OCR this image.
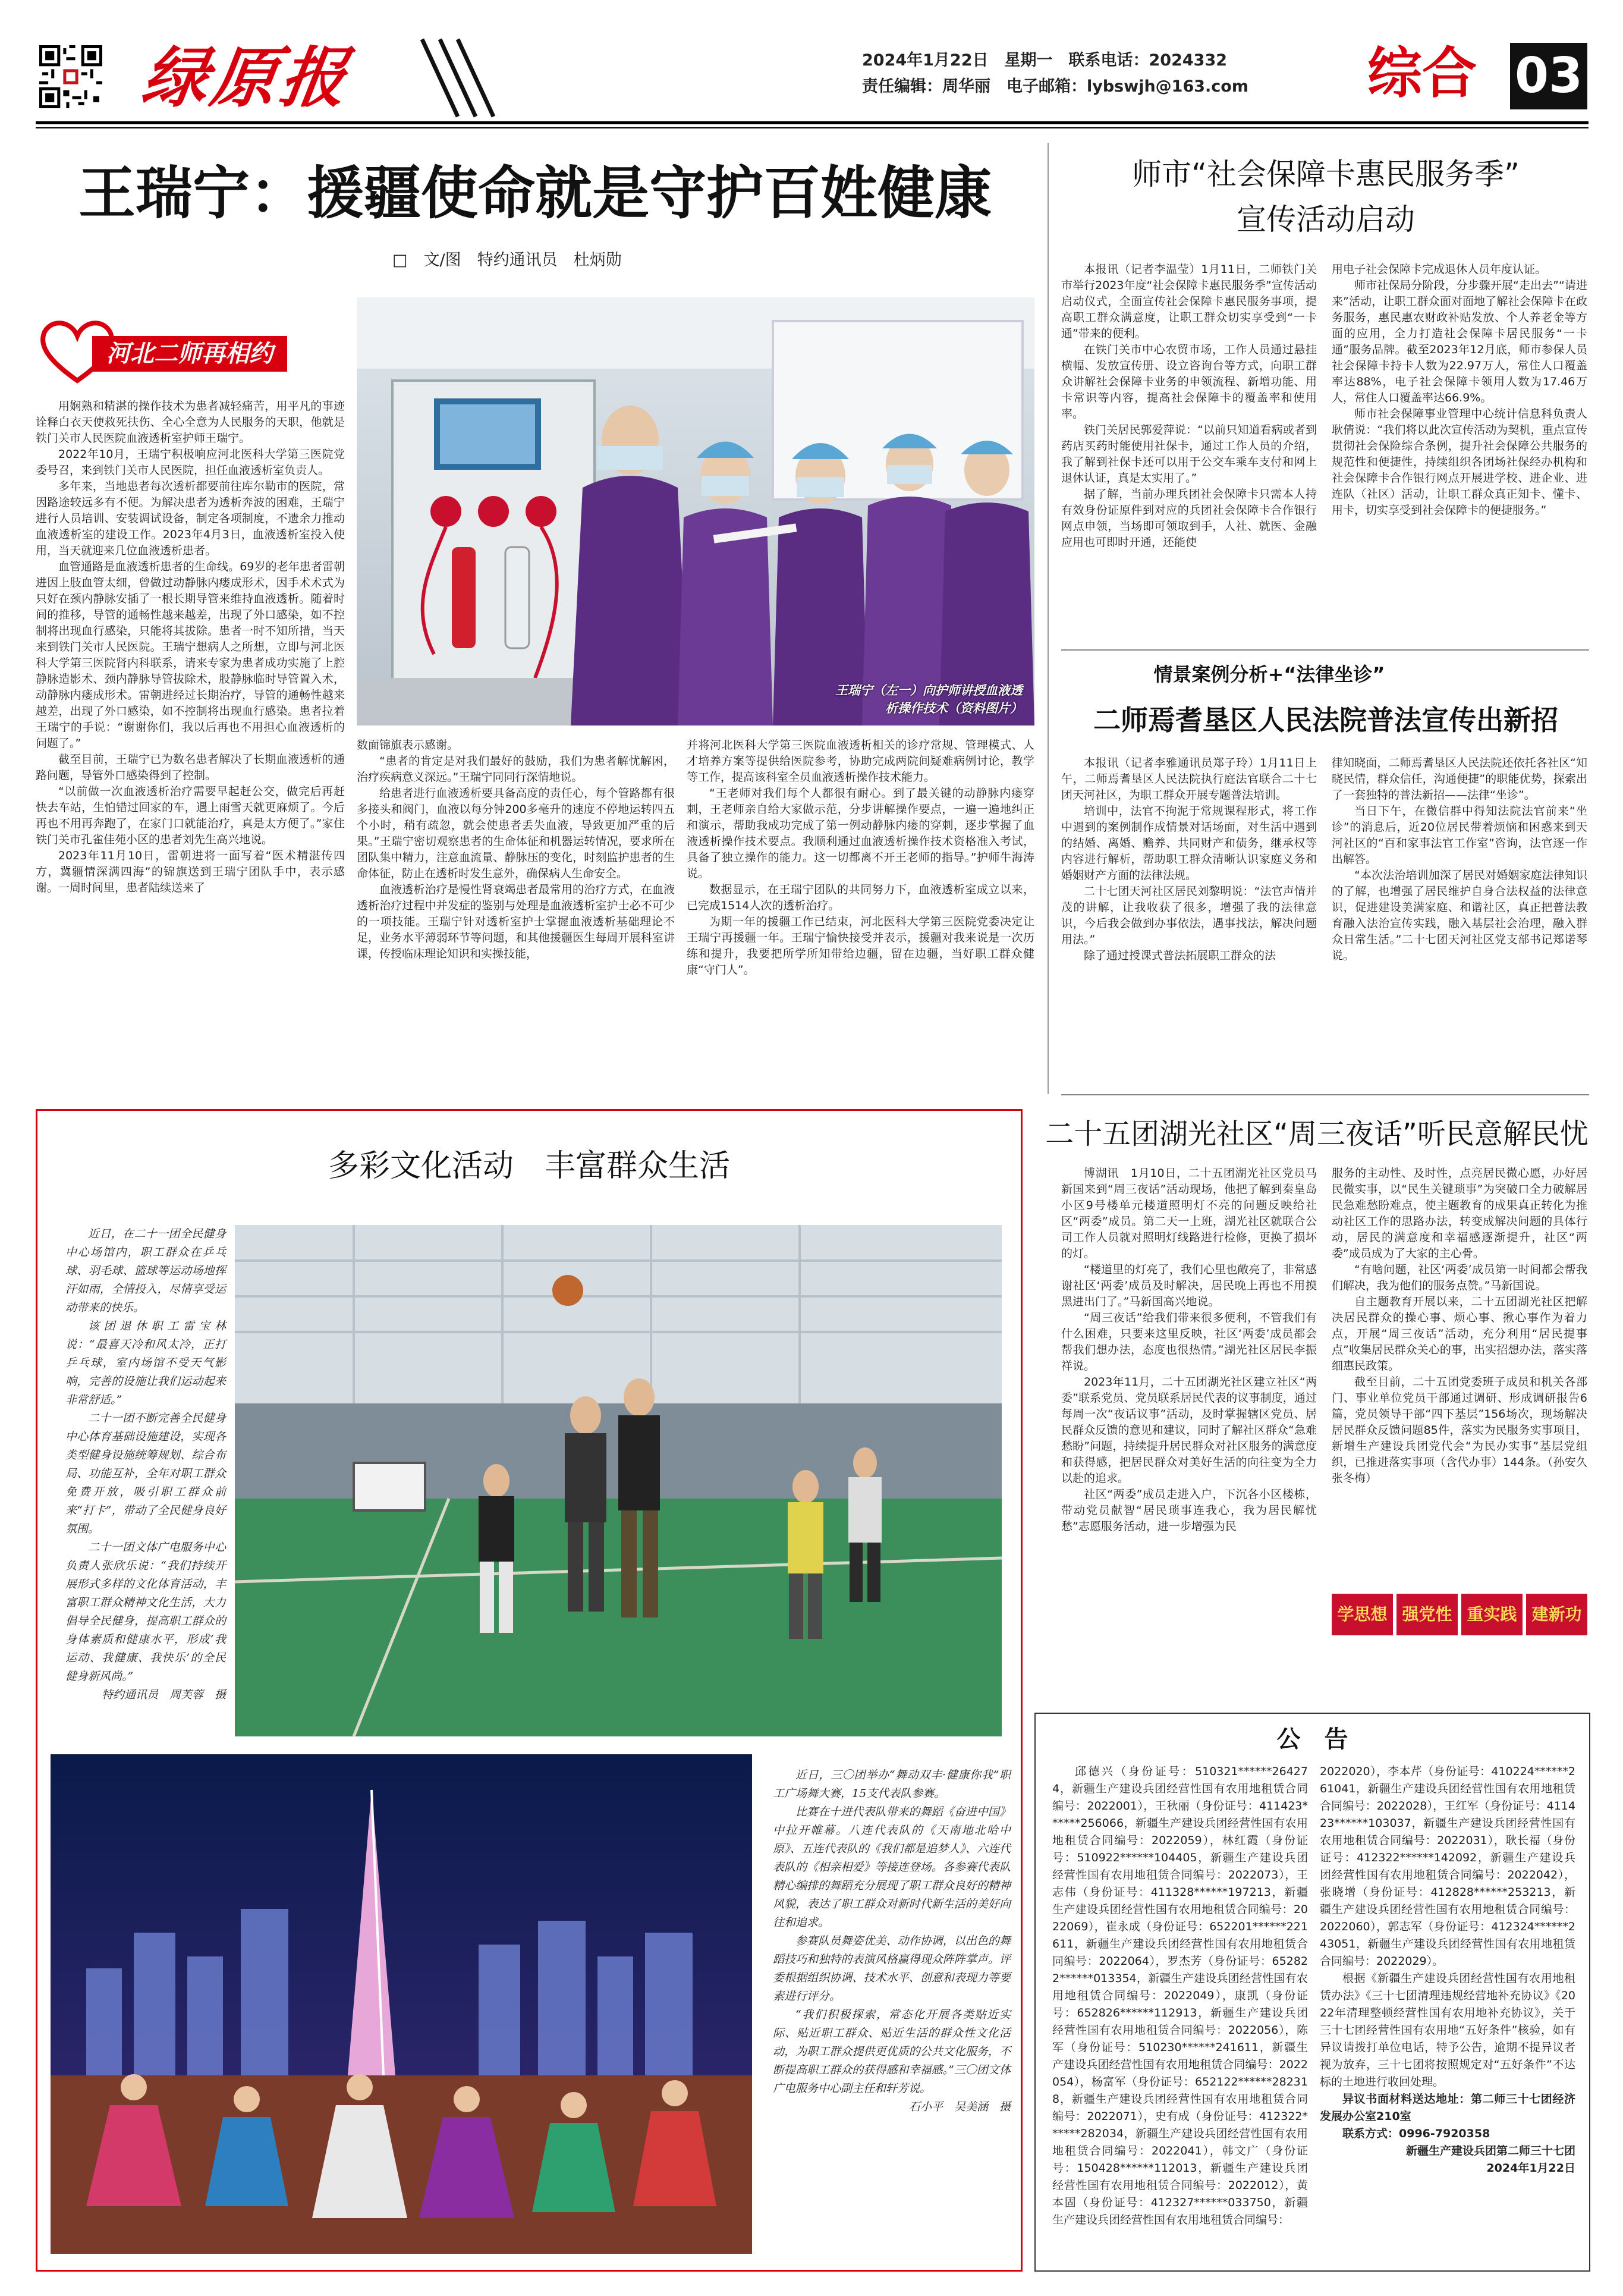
绿原报	2024年1月22日　星期一　联系电话：2024332
责任编辑：周华丽　电子邮箱：lybswjh@163.com	综合 03
王瑞宁：援疆使命就是守护百姓健康
□　文/图　特约通讯员　杜炳勋
河北二师再相约
王瑞宁（左一）向护师讲授血液透
析操作技术（资料图片）

用娴熟和精湛的操作技术为患者减轻痛苦，用平凡的事迹诠释白衣天使救死扶伤、全心全意为人民服务的天职，他就是铁门关市人民医院血液透析室护师王瑞宁。

2022年10月，王瑞宁积极响应河北医科大学第三医院党委号召，来到铁门关市人民医院，担任血液透析室负责人。

多年来，当地患者每次透析都要前往库尔勒市的医院，常因路途较远多有不便。为解决患者为透析奔波的困难，王瑞宁进行人员培训、安装调试设备，制定各项制度，不遗余力推动血液透析室的建设工作。2023年4月3日，血液透析室投入使用，当天就迎来几位血液透析患者。

血管通路是血液透析患者的生命线。69岁的老年患者雷朝进因上肢血管太细，曾做过动静脉内瘘成形术，因手术术式为只好在颈内静脉安插了一根长期导管来维持血液透析。随着时间的推移，导管的通畅性越来越差，出现了外口感染，如不控制将出现血行感染，只能将其拔除。患者一时不知所措，当天来到铁门关市人民医院。王瑞宁想病人之所想，立即与河北医科大学第三医院肾内科联系，请来专家为患者成功实施了上腔静脉造影术、颈内静脉导管拔除术，股静脉临时导管置入术，动静脉内瘘成形术。雷朝进经过长期治疗，导管的通畅性越来越差，出现了外口感染，如不控制将出现血行感染。患者拉着王瑞宁的手说：“谢谢你们，我以后再也不用担心血液透析的问题了。”

截至目前，王瑞宁已为数名患者解决了长期血液透析的通路问题，导管外口感染得到了控制。

“以前做一次血液透析治疗需要早起赶公交，做完后再赶快去车站，生怕错过回家的车，遇上雨雪天就更麻烦了。今后再也不用再奔跑了，在家门口就能治疗，真是太方便了。”家住铁门关市孔雀佳苑小区的患者刘先生高兴地说。

2023年11月10日，雷朝进将一面写着“医术精湛传四方，冀疆情深满四海”的锦旗送到王瑞宁团队手中，表示感谢。一周时间里，患者陆续送来了

数面锦旗表示感谢。

“患者的肯定是对我们最好的鼓励，我们为患者解忧解困，治疗疾病意义深远。”王瑞宁同同行深情地说。

给患者进行血液透析要具备高度的责任心，每个管路都有很多接头和阀门，血液以每分钟200多毫升的速度不停地运转四五个小时，稍有疏忽，就会使患者丢失血液，导致更加严重的后果。”王瑞宁密切观察患者的生命体征和机器运转情况，要求所在团队集中精力，注意血流量、静脉压的变化，时刻监护患者的生命体征，防止在透析时发生意外，确保病人生命安全。

血液透析治疗是慢性肾衰竭患者最常用的治疗方式，在血液透析治疗过程中并发症的鉴别与处理是血液透析室护士必不可少的一项技能。王瑞宁针对透析室护士掌握血液透析基础理论不足，业务水平薄弱环节等问题，和其他援疆医生每周开展科室讲课，传授临床理论知识和实操技能，

并将河北医科大学第三医院血液透析相关的诊疗常规、管理模式、人才培养方案等提供给医院参考，协助完成两院间疑难病例讨论，教学等工作，提高该科室全员血液透析操作技术能力。

“王老师对我们每个人都很有耐心。到了最关键的动静脉内瘘穿刺，王老师亲自给大家做示范，分步讲解操作要点，一遍一遍地纠正和演示，帮助我成功完成了第一例动静脉内瘘的穿刺，逐步掌握了血液透析操作技术要点。我顺利通过血液透析操作技术资格准入考试，具备了独立操作的能力。这一切都离不开王老师的指导。”护师牛海涛说。

数据显示，在王瑞宁团队的共同努力下，血液透析室成立以来，已完成1514人次的透析治疗。

为期一年的援疆工作已结束，河北医科大学第三医院党委决定让王瑞宁再援疆一年。王瑞宁愉快接受并表示，援疆对我来说是一次历练和提升，我要把所学所知带给边疆，留在边疆，当好职工群众健康“守门人”。

师市“社会保障卡惠民服务季”
宣传活动启动

本报讯（记者李温莹）1月11日，二师铁门关市举行2023年度“社会保障卡惠民服务季”宣传活动启动仪式，全面宣传社会保障卡惠民服务事项，提高职工群众满意度，让职工群众切实享受到“一卡通”带来的便利。

在铁门关市中心农贸市场，工作人员通过悬挂横幅、发放宣传册、设立咨询台等方式，向职工群众讲解社会保障卡业务的申领流程、新增功能、用卡常识等内容，提高社会保障卡的覆盖率和使用率。

铁门关居民郭爱萍说：“以前只知道看病或者到药店买药时能使用社保卡，通过工作人员的介绍，我了解到社保卡还可以用于公交车乘车支付和网上退休认证，真是太实用了。”

据了解，当前办理兵团社会保障卡只需本人持有效身份证原件到对应的兵团社会保障卡合作银行网点申领，当场即可领取到手，人社、就医、金融应用也可即时开通，还能使

用电子社会保障卡完成退休人员年度认证。

师市社保局分阶段，分步骤开展“走出去”“请进来”活动，让职工群众面对面地了解社会保障卡在政务服务，惠民惠农财政补贴发放、个人养老金等方面的应用，全力打造社会保障卡居民服务“一卡通”服务品牌。截至2023年12月底，师市参保人员社会保障卡持卡人数为22.97万人，常住人口覆盖率达88%，电子社会保障卡领用人数为17.46万人，常住人口覆盖率达66.9%。

师市社会保障事业管理中心统计信息科负责人耿倩说：“我们将以此次宣传活动为契机，重点宣传贯彻社会保险综合条例，提升社会保障公共服务的规范性和便捷性，持续组织各团场社保经办机构和社会保障卡合作银行网点开展进学校、进企业、进连队（社区）活动，让职工群众真正知卡、懂卡、用卡，切实享受到社会保障卡的便捷服务。”

情景案例分析+“法律坐诊”
二师焉耆垦区人民法院普法宣传出新招

本报讯（记者李雅通讯员郑子玲）1月11日上午，二师焉耆垦区人民法院执行庭法官联合二十七团天河社区，为职工群众开展专题普法培训。

培训中，法官不拘泥于常规课程形式，将工作中遇到的案例制作成情景对话场面，对生活中遇到的结婚、离婚、赡养、共同财产和债务，继承权等内容进行解析，帮助职工群众清晰认识家庭义务和婚姻财产方面的法律法规。

二十七团天河社区居民刘黎明说：“法官声情并茂的讲解，让我收获了很多，增强了我的法律意识，今后我会做到办事依法，遇事找法，解决问题用法。”

除了通过授课式普法拓展职工群众的法

律知晓面，二师焉耆垦区人民法院还依托各社区“知晓民情，群众信任，沟通便捷”的职能优势，探索出了一套独特的普法新招——法律“坐诊”。

当日下午，在微信群中得知法院法官前来“坐诊”的消息后，近20位居民带着烦恼和困惑来到天河社区的“百和家事法官工作室”咨询，法官逐一作出解答。

“本次法治培训加深了居民对婚姻家庭法律知识的了解，也增强了居民维护自身合法权益的法律意识，促进建设美满家庭、和谐社区，真正把普法教育融入法治宣传实践，融入基层社会治理，融入群众日常生活。”二十七团天河社区党支部书记郑诺琴说。

多彩文化活动　丰富群众生活

近日，在二十一团全民健身中心场馆内，职工群众在乒乓球、羽毛球、篮球等运动场地挥汗如雨，全情投入，尽情享受运动带来的快乐。

该团退休职工雷宝林说：“最喜天冷和风太冷，正打乒乓球，室内场馆不受天气影响，完善的设施让我们运动起来非常舒适。”

二十一团不断完善全民健身中心体育基础设施建设，实现各类型健身设施统筹规划、综合布局、功能互补，全年对职工群众免费开放，吸引职工群众前来“打卡”，带动了全民健身良好氛围。

二十一团文体广电服务中心负责人张欣乐说：“我们持续开展形式多样的文化体育活动，丰富职工群众精神文化生活，大力倡导全民健身，提高职工群众的身体素质和健康水平，形成‘我运动、我健康、我快乐’的全民健身新风尚。”

特约通讯员　周芙蓉　摄

近日，三〇团举办“舞动双丰·健康你我”职工广场舞大赛，15支代表队参赛。

比赛在十进代表队带来的舞蹈《奋进中国》中拉开帷幕。八连代表队的《天南地北哈中原》、五连代表队的《我们都是追梦人》、六连代表队的《相亲相爱》等接连登场。各参赛代表队精心编排的舞蹈充分展现了职工群众良好的精神风貌，表达了职工群众对新时代新生活的美好向往和追求。

参赛队员舞姿优美、动作协调，以出色的舞蹈技巧和独特的表演风格赢得现众阵阵掌声。评委根据组织协调、技术水平、创意和表现力等要素进行评分。

“我们积极探索，常态化开展各类贴近实际、贴近职工群众、贴近生活的群众性文化活动，为职工群众提供更优质的公共文化服务，不断提高职工群众的获得感和幸福感。”三〇团文体广电服务中心副主任和轩芳说。

石小平　吴美涵　摄

二十五团湖光社区“周三夜话”听民意解民忧

博湖讯　1月10日，二十五团湖光社区党员马新国来到“周三夜话”活动现场，他把了解到秦皇岛小区9号楼单元楼道照明灯不亮的问题反映给社区“两委”成员。第二天一上班，湖光社区就联合公司工作人员就对照明灯线路进行检修，更换了损坏的灯。

“楼道里的灯亮了，我们心里也敞亮了，非常感谢社区‘两委’成员及时解决，居民晚上再也不用摸黑进出门了。”马新国高兴地说。

“周三夜话”给我们带来很多便利，不管我们有什么困难，只要来这里反映，社区‘两委’成员都会帮我们想办法，态度也很热情。”湖光社区居民李振祥说。

2023年11月，二十五团湖光社区建立社区“两委”联系党员、党员联系居民代表的议事制度，通过每周一次“夜话议事”活动，及时掌握辖区党员、居民群众反馈的意见和建议，同时了解社区群众“急难愁盼”问题，持续提升居民群众对社区服务的满意度和获得感，把居民群众对美好生活的向往变为全力以赴的追求。

社区“两委”成员走进入户，下沉各小区楼栋，带动党员献智“居民琐事连我心，我为居民解忧愁”志愿服务活动，进一步增强为民

服务的主动性、及时性，点亮居民微心愿，办好居民微实事，以“民生关键琐事”为突破口全力破解居民急难愁盼难点，使主题教育的成果真正转化为推动社区工作的思路办法，转变成解决问题的具体行动，居民的满意度和幸福感逐渐提升，社区“两委”成员成为了大家的主心骨。

“有啥问题，社区‘两委’成员第一时间都会帮我们解决，我为他们的服务点赞。”马新国说。

自主题教育开展以来，二十五团湖光社区把解决居民群众的操心事、烦心事、揪心事作为着力点，开展“周三夜话”活动，充分利用“居民提事点”收集居民群众关心的事，出实招想办法，落实落细惠民政策。

截至目前，二十五团党委班子成员和机关各部门、事业单位党员干部通过调研、形成调研报告6篇，党员领导干部“四下基层”156场次，现场解决居民群众反馈问题85件，落实为民服务实事项目，新增生产建设兵团党代会“为民办实事”基层党组织，已推进落实事项（含代办事）144条。（孙安久　张冬梅）

学思想 强党性 重实践 建新功
公　告

邱德兴（身份证号：510321******264274，新疆生产建设兵团经营性国有农用地租赁合同编号：2022001），王秋丽（身份证号：411423******256066，新疆生产建设兵团经营性国有农用地租赁合同编号：2022059），林红霞（身份证号：510922******104405，新疆生产建设兵团经营性国有农用地租赁合同编号：2022073），王志伟（身份证号：411328******197213，新疆生产建设兵团经营性国有农用地租赁合同编号：2022069），崔永成（身份证号：652201******221611，新疆生产建设兵团经营性国有农用地租赁合同编号：2022064），罗杰芳（身份证号：652822******013354，新疆生产建设兵团经营性国有农用地租赁合同编号：2022049），康凯（身份证号：652826******112913，新疆生产建设兵团经营性国有农用地租赁合同编号：2022056），陈军（身份证号：510230******241611，新疆生产建设兵团经营性国有农用地租赁合同编号：2022054），杨富军（身份证号：652122******282318，新疆生产建设兵团经营性国有农用地租赁合同编号：2022071），史有成（身份证号：412322******282034，新疆生产建设兵团经营性国有农用地租赁合同编号：2022041），韩文广（身份证号：150428******112013，新疆生产建设兵团经营性国有农用地租赁合同编号：2022012），黄本固（身份证号：412327******033750，新疆生产建设兵团经营性国有农用地租赁合同编号：

2022020），李本芹（身份证号：410224******261041，新疆生产建设兵团经营性国有农用地租赁合同编号：2022028），王红军（身份证号：411423******103037，新疆生产建设兵团经营性国有农用地租赁合同编号：2022031），耿长福（身份证号：412322******142092，新疆生产建设兵团经营性国有农用地租赁合同编号：2022042），张晓增（身份证号：412828******253213，新疆生产建设兵团经营性国有农用地租赁合同编号：2022060），郭志军（身份证号：412324******243051，新疆生产建设兵团经营性国有农用地租赁合同编号：2022029）。

根据《新疆生产建设兵团经营性国有农用地租赁办法》《三十七团清理违规经营地补充协议》《2022年清理整顿经营性国有农用地补充协议》，关于三十七团经营性国有农用地“五好条件”核验，如有异议请拨打单位电话，特予公告，逾期不提异议者视为放弃，三十七团将按照规定对“五好条件”不达标的土地进行收回处理。

异议书面材料送达地址：第二师三十七团经济发展办公室210室

联系方式：0996-7920358

新疆生产建设兵团第二师三十七团

2024年1月22日
